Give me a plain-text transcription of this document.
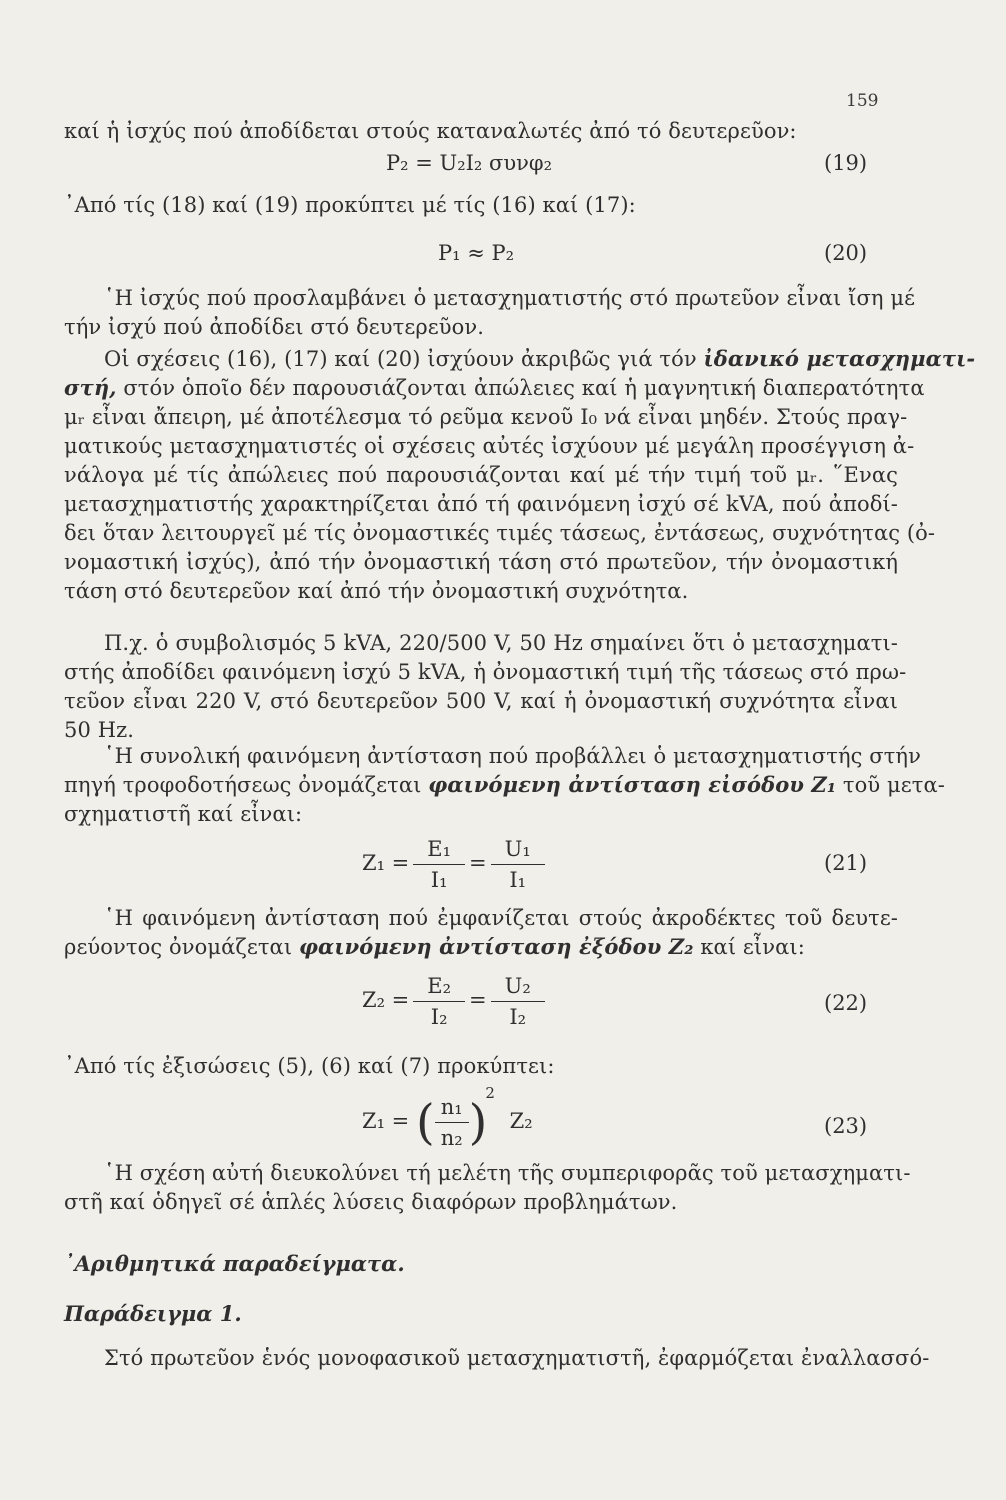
159
καί ἡ ἰσχύς πού ἀποδίδεται στούς καταναλωτές ἀπό τό δευτερεῦον:
P₂ = U₂I₂ συνφ₂	(19)
᾿Από τίς (18) καί (19) προκύπτει μέ τίς (16) καί (17):
P₁ ≈ P₂	(20)
῾Η ἰσχύς πού προσλαμβάνει ὁ μετασχηματιστής στό πρωτεῦον εἶναι ἴση μέ
τήν ἰσχύ πού ἀποδίδει στό δευτερεῦον.
Οἱ σχέσεις (16), (17) καί (20) ἰσχύουν ἀκριβῶς γιά τόν ἰδανικό μετασχηματι-
στή, στόν ὁποῖο δέν παρουσιάζονται ἀπώλειες καί ἡ μαγνητική διαπερατότητα
μᵣ εἶναι ἄπειρη, μέ ἀποτέλεσμα τό ρεῦμα κενοῦ I₀ νά εἶναι μηδέν. Στούς πραγ-
ματικούς μετασχηματιστές οἱ σχέσεις αὐτές ἰσχύουν μέ μεγάλη προσέγγιση ἀ-
νάλογα μέ τίς ἀπώλειες πού παρουσιάζονται καί μέ τήν τιμή τοῦ μᵣ. ῞Ενας
μετασχηματιστής χαρακτηρίζεται ἀπό τή φαινόμενη ἰσχύ σέ kVA, πού ἀποδί-
δει ὅταν λειτουργεῖ μέ τίς ὀνομαστικές τιμές τάσεως, ἐντάσεως, συχνότητας (ὀ-
νομαστική ἰσχύς), ἀπό τήν ὀνομαστική τάση στό πρωτεῦον, τήν ὀνομαστική
τάση στό δευτερεῦον καί ἀπό τήν ὀνομαστική συχνότητα.
Π.χ. ὁ συμβολισμός 5 kVA, 220/500 V, 50 Hz σημαίνει ὅτι ὁ μετασχηματι-
στής ἀποδίδει φαινόμενη ἰσχύ 5 kVA, ἡ ὀνομαστική τιμή τῆς τάσεως στό πρω-
τεῦον εἶναι 220 V, στό δευτερεῦον 500 V, καί ἡ ὀνομαστική συχνότητα εἶναι
50 Hz.
῾Η συνολική φαινόμενη ἀντίσταση πού προβάλλει ὁ μετασχηματιστής στήν
πηγή τροφοδοτήσεως ὀνομάζεται φαινόμενη ἀντίσταση εἰσόδου Z₁ τοῦ μετα-
σχηματιστῆ καί εἶναι:
$Z_1 = \frac{\text{E₁}}{\text{I₁}} = \frac{\text{U₁}}{\text{I₁}}$	(21)
῾Η φαινόμενη ἀντίσταση πού ἐμφανίζεται στούς ἀκροδέκτες τοῦ δευτε-
ρεύοντος ὀνομάζεται φαινόμενη ἀντίσταση ἐξόδου Z₂ καί εἶναι:
$Z_2 = \frac{\text{E₂}}{\text{I₂}} = \frac{\text{U₂}}{\text{I₂}}$	(22)
᾿Από τίς ἐξισώσεις (5), (6) καί (7) προκύπτει:
Z₁ = ( $\frac{\text{n₁}}{\text{n₂}} )^2$ Z₂	(23)
῾Η σχέση αὐτή διευκολύνει τή μελέτη τῆς συμπεριφορᾶς τοῦ μετασχηματι-
στῆ καί ὁδηγεῖ σέ ἁπλές λύσεις διαφόρων προβλημάτων.
᾿Αριθμητικά παραδείγματα.
Παράδειγμα 1.
Στό πρωτεῦον ἑνός μονοφασικοῦ μετασχηματιστῆ, ἐφαρμόζεται ἐναλλασσό-
